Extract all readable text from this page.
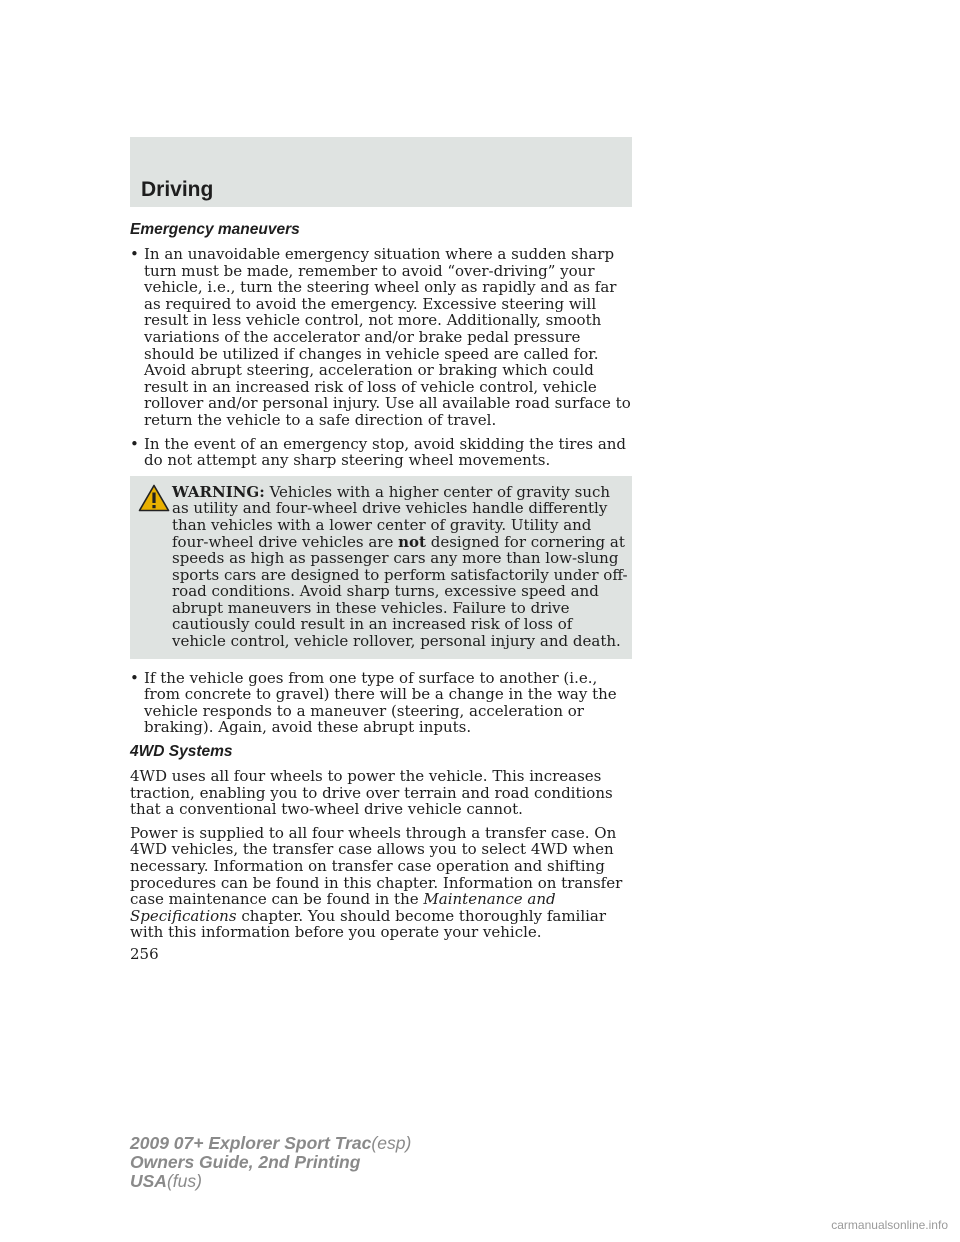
Driving
Emergency maneuvers
• In an unavoidable emergency situation where a sudden sharp turn must be made, remember to avoid “over-driving” your vehicle, i.e., turn the steering wheel only as rapidly and as far as required to avoid the emergency. Excessive steering will result in less vehicle control, not more. Additionally, smooth variations of the accelerator and/or brake pedal pressure should be utilized if changes in vehicle speed are called for. Avoid abrupt steering, acceleration or braking which could result in an increased risk of loss of vehicle control, vehicle rollover and/or personal injury. Use all available road surface to return the vehicle to a safe direction of travel.
• In the event of an emergency stop, avoid skidding the tires and do not attempt any sharp steering wheel movements.
WARNING: Vehicles with a higher center of gravity such as utility and four-wheel drive vehicles handle differently than vehicles with a lower center of gravity. Utility and four-wheel drive vehicles are not designed for cornering at speeds as high as passenger cars any more than low-slung sports cars are designed to perform satisfactorily under off-road conditions. Avoid sharp turns, excessive speed and abrupt maneuvers in these vehicles. Failure to drive cautiously could result in an increased risk of loss of vehicle control, vehicle rollover, personal injury and death.
• If the vehicle goes from one type of surface to another (i.e., from concrete to gravel) there will be a change in the way the vehicle responds to a maneuver (steering, acceleration or braking). Again, avoid these abrupt inputs.
4WD Systems

4WD uses all four wheels to power the vehicle. This increases traction, enabling you to drive over terrain and road conditions that a conventional two-wheel drive vehicle cannot.

Power is supplied to all four wheels through a transfer case. On 4WD vehicles, the transfer case allows you to select 4WD when necessary. Information on transfer case operation and shifting procedures can be found in this chapter. Information on transfer case maintenance can be found in the Maintenance and Specifications chapter. You should become thoroughly familiar with this information before you operate your vehicle.

256
2009 07+ Explorer Sport Trac(esp)
Owners Guide, 2nd Printing
USA(fus)
carmanualsonline.info
